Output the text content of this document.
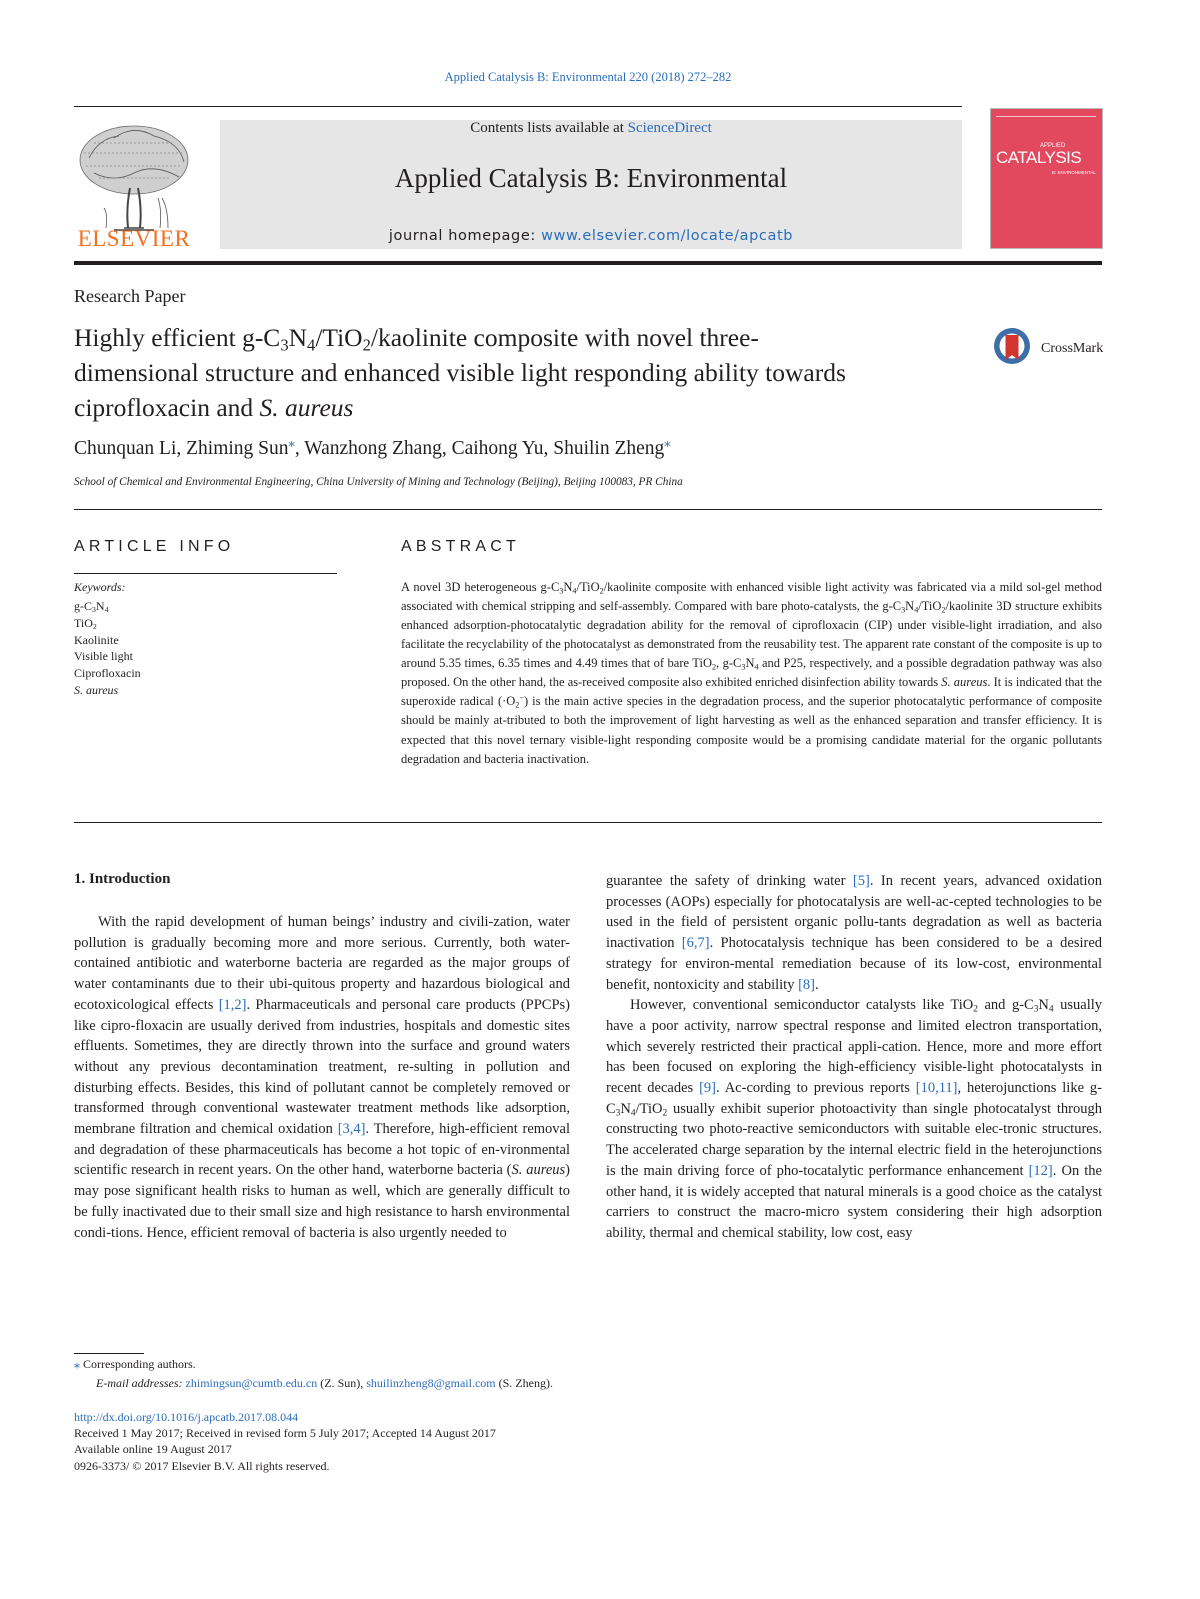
Applied Catalysis B: Environmental 220 (2018) 272–282
ELSEVIER
Contents lists available at ScienceDirect
Applied Catalysis B: Environmental
journal homepage: www.elsevier.com/locate/apcatb
APPLIED
CATALYSIS
B: ENVIRONMENTAL
Research Paper
Highly efficient $g-C_3N_4/TiO_2$/kaolinite composite with novel three-
dimensional structure and enhanced visible light responding ability towards
ciprofloxacin and S. aureus
CrossMark
Chunquan Li, Zhiming Sun⁎, Wanzhong Zhang, Caihong Yu, Shuilin Zheng⁎
School of Chemical and Environmental Engineering, China University of Mining and Technology (Beijing), Beijing 100083, PR China
ARTICLE INFO
Keywords:
$g-C_3N_4$
TiO$_2$
Kaolinite
Visible light
Ciprofloxacin
S. aureus
ABSTRACT
A novel 3D heterogeneous $g-C_3N_4/TiO_2$/kaolinite composite with enhanced visible light activity was fabricated via a mild sol-gel method associated with chemical stripping and self-assembly. Compared with bare photo-catalysts, the $g-C_3N_4/TiO_2$/kaolinite 3D structure exhibits enhanced adsorption-photocatalytic degradation ability for the removal of ciprofloxacin (CIP) under visible-light irradiation, and also facilitate the recyclability of the photocatalyst as demonstrated from the reusability test. The apparent rate constant of the composite is up to around 5.35 times, 6.35 times and 4.49 times that of bare TiO$_2$, $g-C_3N_4$ and P25, respectively, and a possible degradation pathway was also proposed. On the other hand, the as-received composite also exhibited enriched disinfection ability towards S. aureus. It is indicated that the superoxide radical $(\cdot O_2^-)$ is the main active species in the degradation process, and the superior photocatalytic performance of composite should be mainly at-tributed to both the improvement of light harvesting as well as the enhanced separation and transfer efficiency. It is expected that this novel ternary visible-light responding composite would be a promising candidate material for the organic pollutants degradation and bacteria inactivation.
1. Introduction

With the rapid development of human beings’ industry and civili-zation, water pollution is gradually becoming more and more serious. Currently, both water-contained antibiotic and waterborne bacteria are regarded as the major groups of water contaminants due to their ubi-quitous property and hazardous biological and ecotoxicological effects [1,2]. Pharmaceuticals and personal care products (PPCPs) like cipro-floxacin are usually derived from industries, hospitals and domestic sites effluents. Sometimes, they are directly thrown into the surface and ground waters without any previous decontamination treatment, re-sulting in pollution and disturbing effects. Besides, this kind of pollutant cannot be completely removed or transformed through conventional wastewater treatment methods like adsorption, membrane filtration and chemical oxidation [3,4]. Therefore, high-efficient removal and degradation of these pharmaceuticals has become a hot topic of en-vironmental scientific research in recent years. On the other hand, waterborne bacteria (S. aureus) may pose significant health risks to human as well, which are generally difficult to be fully inactivated due to their small size and high resistance to harsh environmental condi-tions. Hence, efficient removal of bacteria is also urgently needed to

guarantee the safety of drinking water [5]. In recent years, advanced oxidation processes (AOPs) especially for photocatalysis are well-ac-cepted technologies to be used in the field of persistent organic pollu-tants degradation as well as bacteria inactivation [6,7]. Photocatalysis technique has been considered to be a desired strategy for environ-mental remediation because of its low-cost, environmental benefit, nontoxicity and stability [8].

However, conventional semiconductor catalysts like TiO$_2$ and $g-C_3N_4$ usually have a poor activity, narrow spectral response and limited electron transportation, which severely restricted their practical appli-cation. Hence, more and more effort has been focused on exploring the high-efficiency visible-light photocatalysts in recent decades [9]. Ac-cording to previous reports [10,11], heterojunctions like $g-C_3N_4/TiO_2$ usually exhibit superior photoactivity than single photocatalyst through constructing two photo-reactive semiconductors with suitable elec-tronic structures. The accelerated charge separation by the internal electric field in the heterojunctions is the main driving force of pho-tocatalytic performance enhancement [12]. On the other hand, it is widely accepted that natural minerals is a good choice as the catalyst carriers to construct the macro-micro system considering their high adsorption ability, thermal and chemical stability, low cost, easy

⁎ Corresponding authors.
E-mail addresses: zhimingsun@cumtb.edu.cn (Z. Sun), shuilinzheng8@gmail.com (S. Zheng).
http://dx.doi.org/10.1016/j.apcatb.2017.08.044
Received 1 May 2017; Received in revised form 5 July 2017; Accepted 14 August 2017
Available online 19 August 2017
0926-3373/ © 2017 Elsevier B.V. All rights reserved.
